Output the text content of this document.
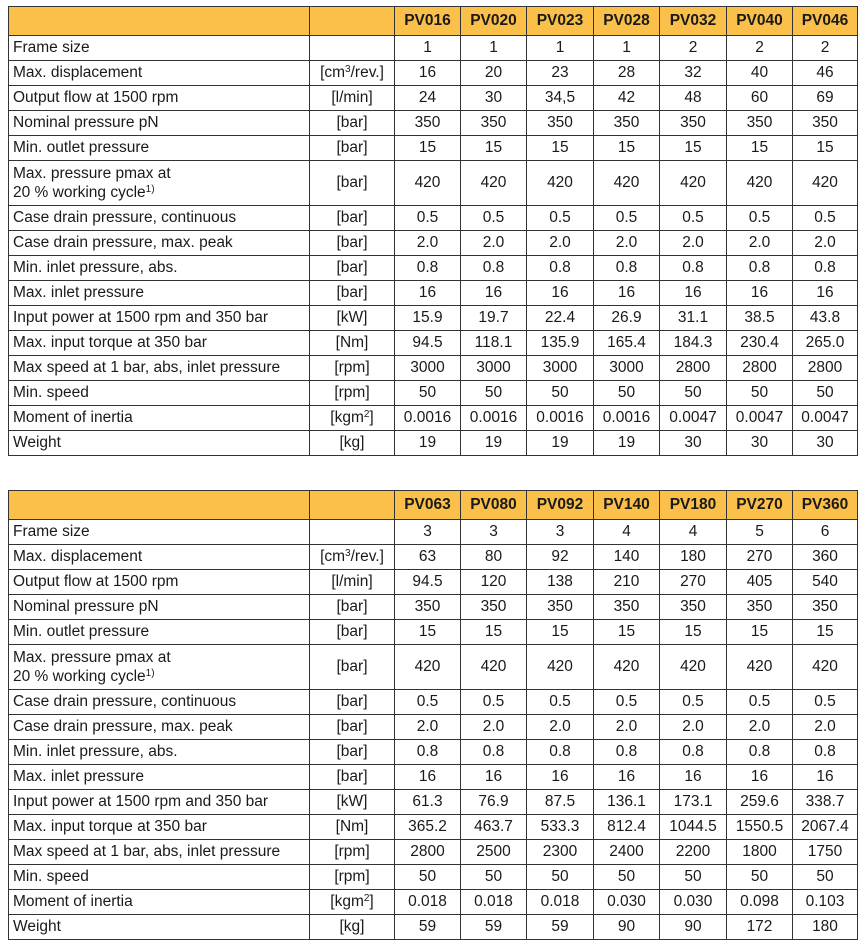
		PV016	PV020	PV023	PV028	PV032	PV040	PV046
Frame size		1	1	1	1	2	2	2
Max. displacement	$[cm^3/rev.]$	16	20	23	28	32	40	46
Output flow at 1500 rpm	[l/min]	24	30	34,5	42	48	60	69
Nominal pressure pN	[bar]	350	350	350	350	350	350	350
Min. outlet pressure	[bar]	15	15	15	15	15	15	15
Max. pressure pmax at
20 % working cycle$^{1)}$	[bar]	420	420	420	420	420	420	420
Case drain pressure, continuous	[bar]	0.5	0.5	0.5	0.5	0.5	0.5	0.5
Case drain pressure, max. peak	[bar]	2.0	2.0	2.0	2.0	2.0	2.0	2.0
Min. inlet pressure, abs.	[bar]	0.8	0.8	0.8	0.8	0.8	0.8	0.8
Max. inlet pressure	[bar]	16	16	16	16	16	16	16
Input power at 1500 rpm and 350 bar	[kW]	15.9	19.7	22.4	26.9	31.1	38.5	43.8
Max. input torque at 350 bar	[Nm]	94.5	118.1	135.9	165.4	184.3	230.4	265.0
Max speed at 1 bar, abs, inlet pressure	[rpm]	3000	3000	3000	3000	2800	2800	2800
Min. speed	[rpm]	50	50	50	50	50	50	50
Moment of inertia	[kgm$^2$]	0.0016	0.0016	0.0016	0.0016	0.0047	0.0047	0.0047
Weight	[kg]	19	19	19	19	30	30	30
		PV063	PV080	PV092	PV140	PV180	PV270	PV360
Frame size		3	3	3	4	4	5	6
Max. displacement	$[cm^3/rev.]$	63	80	92	140	180	270	360
Output flow at 1500 rpm	[l/min]	94.5	120	138	210	270	405	540
Nominal pressure pN	[bar]	350	350	350	350	350	350	350
Min. outlet pressure	[bar]	15	15	15	15	15	15	15
Max. pressure pmax at
20 % working cycle$^{1)}$	[bar]	420	420	420	420	420	420	420
Case drain pressure, continuous	[bar]	0.5	0.5	0.5	0.5	0.5	0.5	0.5
Case drain pressure, max. peak	[bar]	2.0	2.0	2.0	2.0	2.0	2.0	2.0
Min. inlet pressure, abs.	[bar]	0.8	0.8	0.8	0.8	0.8	0.8	0.8
Max. inlet pressure	[bar]	16	16	16	16	16	16	16
Input power at 1500 rpm and 350 bar	[kW]	61.3	76.9	87.5	136.1	173.1	259.6	338.7
Max. input torque at 350 bar	[Nm]	365.2	463.7	533.3	812.4	1044.5	1550.5	2067.4
Max speed at 1 bar, abs, inlet pressure	[rpm]	2800	2500	2300	2400	2200	1800	1750
Min. speed	[rpm]	50	50	50	50	50	50	50
Moment of inertia	[kgm$^2$]	0.018	0.018	0.018	0.030	0.030	0.098	0.103
Weight	[kg]	59	59	59	90	90	172	180
